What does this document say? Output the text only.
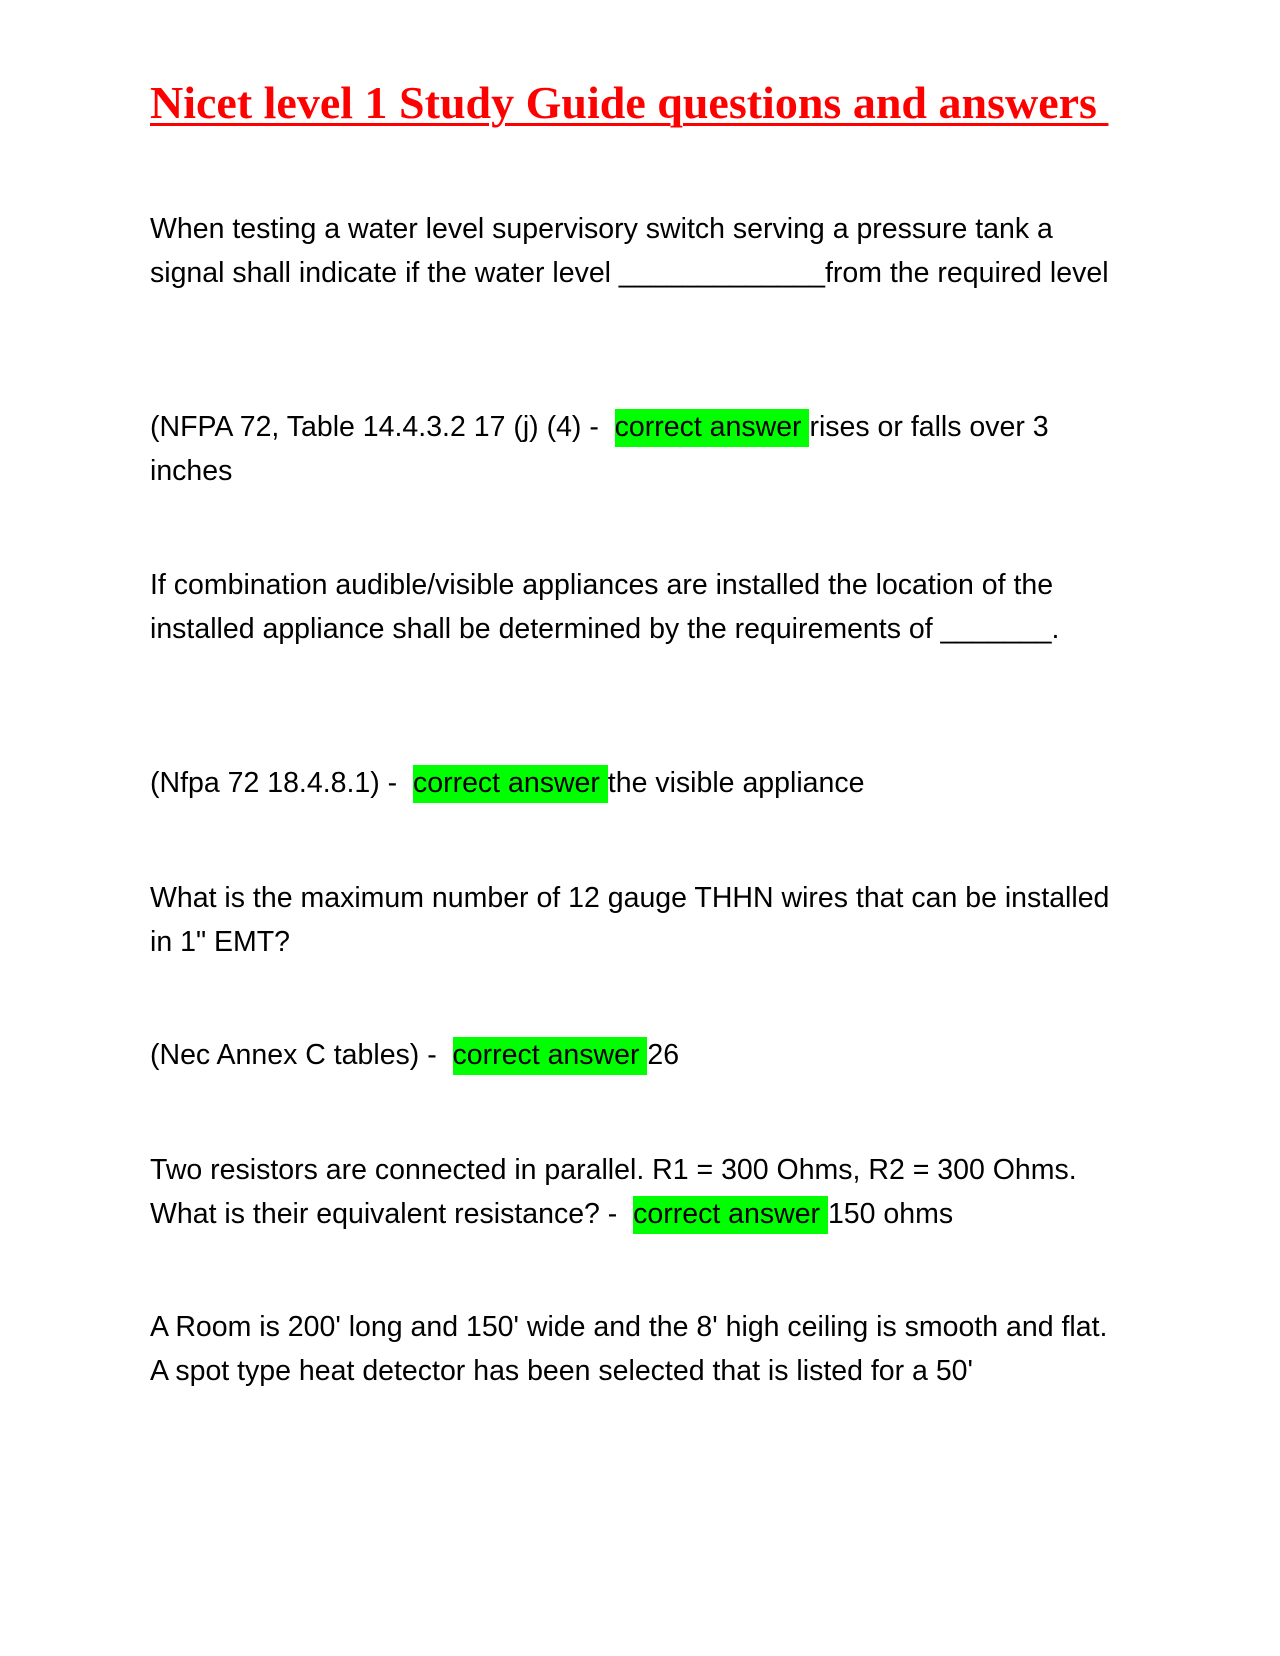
Nicet level 1 Study Guide questions and answers

When testing a water level supervisory switch serving a pressure tank a signal shall indicate if the water level _____________from the required level

(NFPA 72, Table 14.4.3.2 17 (j) (4) -  correct answer rises or falls over 3 inches

If combination audible/visible appliances are installed the location of the installed appliance shall be determined by the requirements of _______.

(Nfpa 72 18.4.8.1) -  correct answer the visible appliance

What is the maximum number of 12 gauge THHN wires that can be installed in 1" EMT?

(Nec Annex C tables) -  correct answer 26

Two resistors are connected in parallel. R1 = 300 Ohms, R2 = 300 Ohms. What is their equivalent resistance? -  correct answer 150 ohms

A Room is 200' long and 150' wide and the 8' high ceiling is smooth and flat. A spot type heat detector has been selected that is listed for a 50'
